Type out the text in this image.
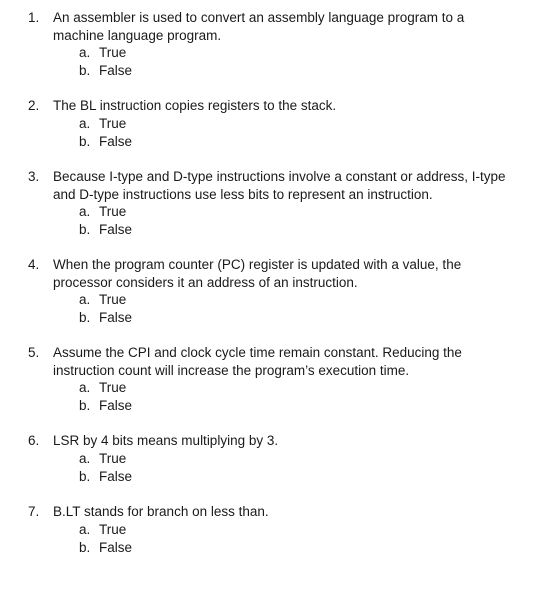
1. An assembler is used to convert an assembly language program to a
machine language program.
a. True
b. False
2. The BL instruction copies registers to the stack.
a. True
b. False
3. Because I-type and D-type instructions involve a constant or address, I-type
and D-type instructions use less bits to represent an instruction.
a. True
b. False
4. When the program counter (PC) register is updated with a value, the
processor considers it an address of an instruction.
a. True
b. False
5. Assume the CPI and clock cycle time remain constant. Reducing the
instruction count will increase the program’s execution time.
a. True
b. False
6. LSR by 4 bits means multiplying by 3.
a. True
b. False
7. B.LT stands for branch on less than.
a. True
b. False
